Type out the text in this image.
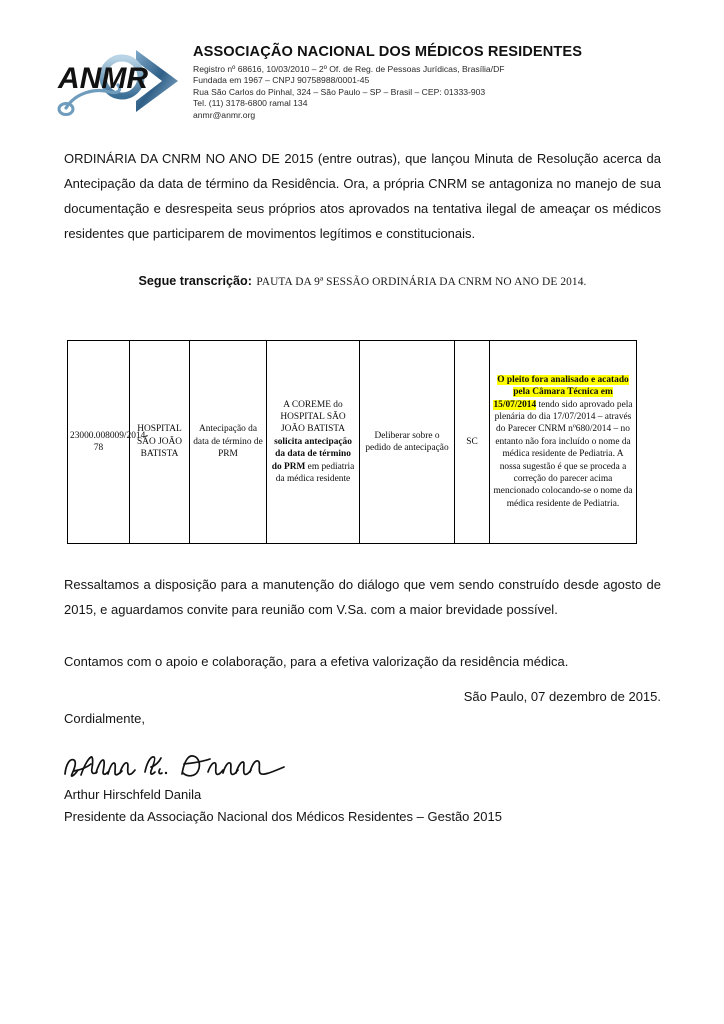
ANMR
ASSOCIAÇÃO NACIONAL DOS MÉDICOS RESIDENTES
Registro nº 68616, 10/03/2010 – 2º Of. de Reg. de Pessoas Jurídicas, Brasília/DF
Fundada em 1967 – CNPJ 90758988/0001-45
Rua São Carlos do Pinhal, 324 – São Paulo – SP – Brasil – CEP: 01333-903
Tel. (11) 3178-6800 ramal 134
anmr@anmr.org
ORDINÁRIA DA CNRM NO ANO DE 2015 (entre outras), que lançou Minuta de Resolução acerca da Antecipação da data de término da Residência. Ora, a própria CNRM se antagoniza no manejo de sua documentação e desrespeita seus próprios atos aprovados na tentativa ilegal de ameaçar os médicos residentes que participarem de movimentos legítimos e constitucionais.
Segue transcrição: PAUTA DA 9ª SESSÃO ORDINÁRIA DA CNRM NO ANO DE 2014.
23000.008009/2014-78	HOSPITAL SÃO JOÃO BATISTA	Antecipação da data de término de PRM	A COREME do HOSPITAL SÃO JOÃO BATISTA solicita antecipação da data de término do PRM em pediatria da médica residente	Deliberar sobre o pedido de antecipação	SC	O pleito fora analisado e acatado pela Câmara Técnica em 15/07/2014 tendo sido aprovado pela plenária do dia 17/07/2014 – através do Parecer CNRM nº680/2014 – no entanto não fora incluído o nome da médica residente de Pediatria. A nossa sugestão é que se proceda a correção do parecer acima mencionado colocando-se o nome da médica residente de Pediatria.
Ressaltamos a disposição para a manutenção do diálogo que vem sendo construído desde agosto de 2015, e aguardamos convite para reunião com V.Sa. com a maior brevidade possível.
Contamos com o apoio e colaboração, para a efetiva valorização da residência médica.
São Paulo, 07 dezembro de 2015.
Cordialmente,
Arthur Hirschfeld Danila
Presidente da Associação Nacional dos Médicos Residentes – Gestão 2015
